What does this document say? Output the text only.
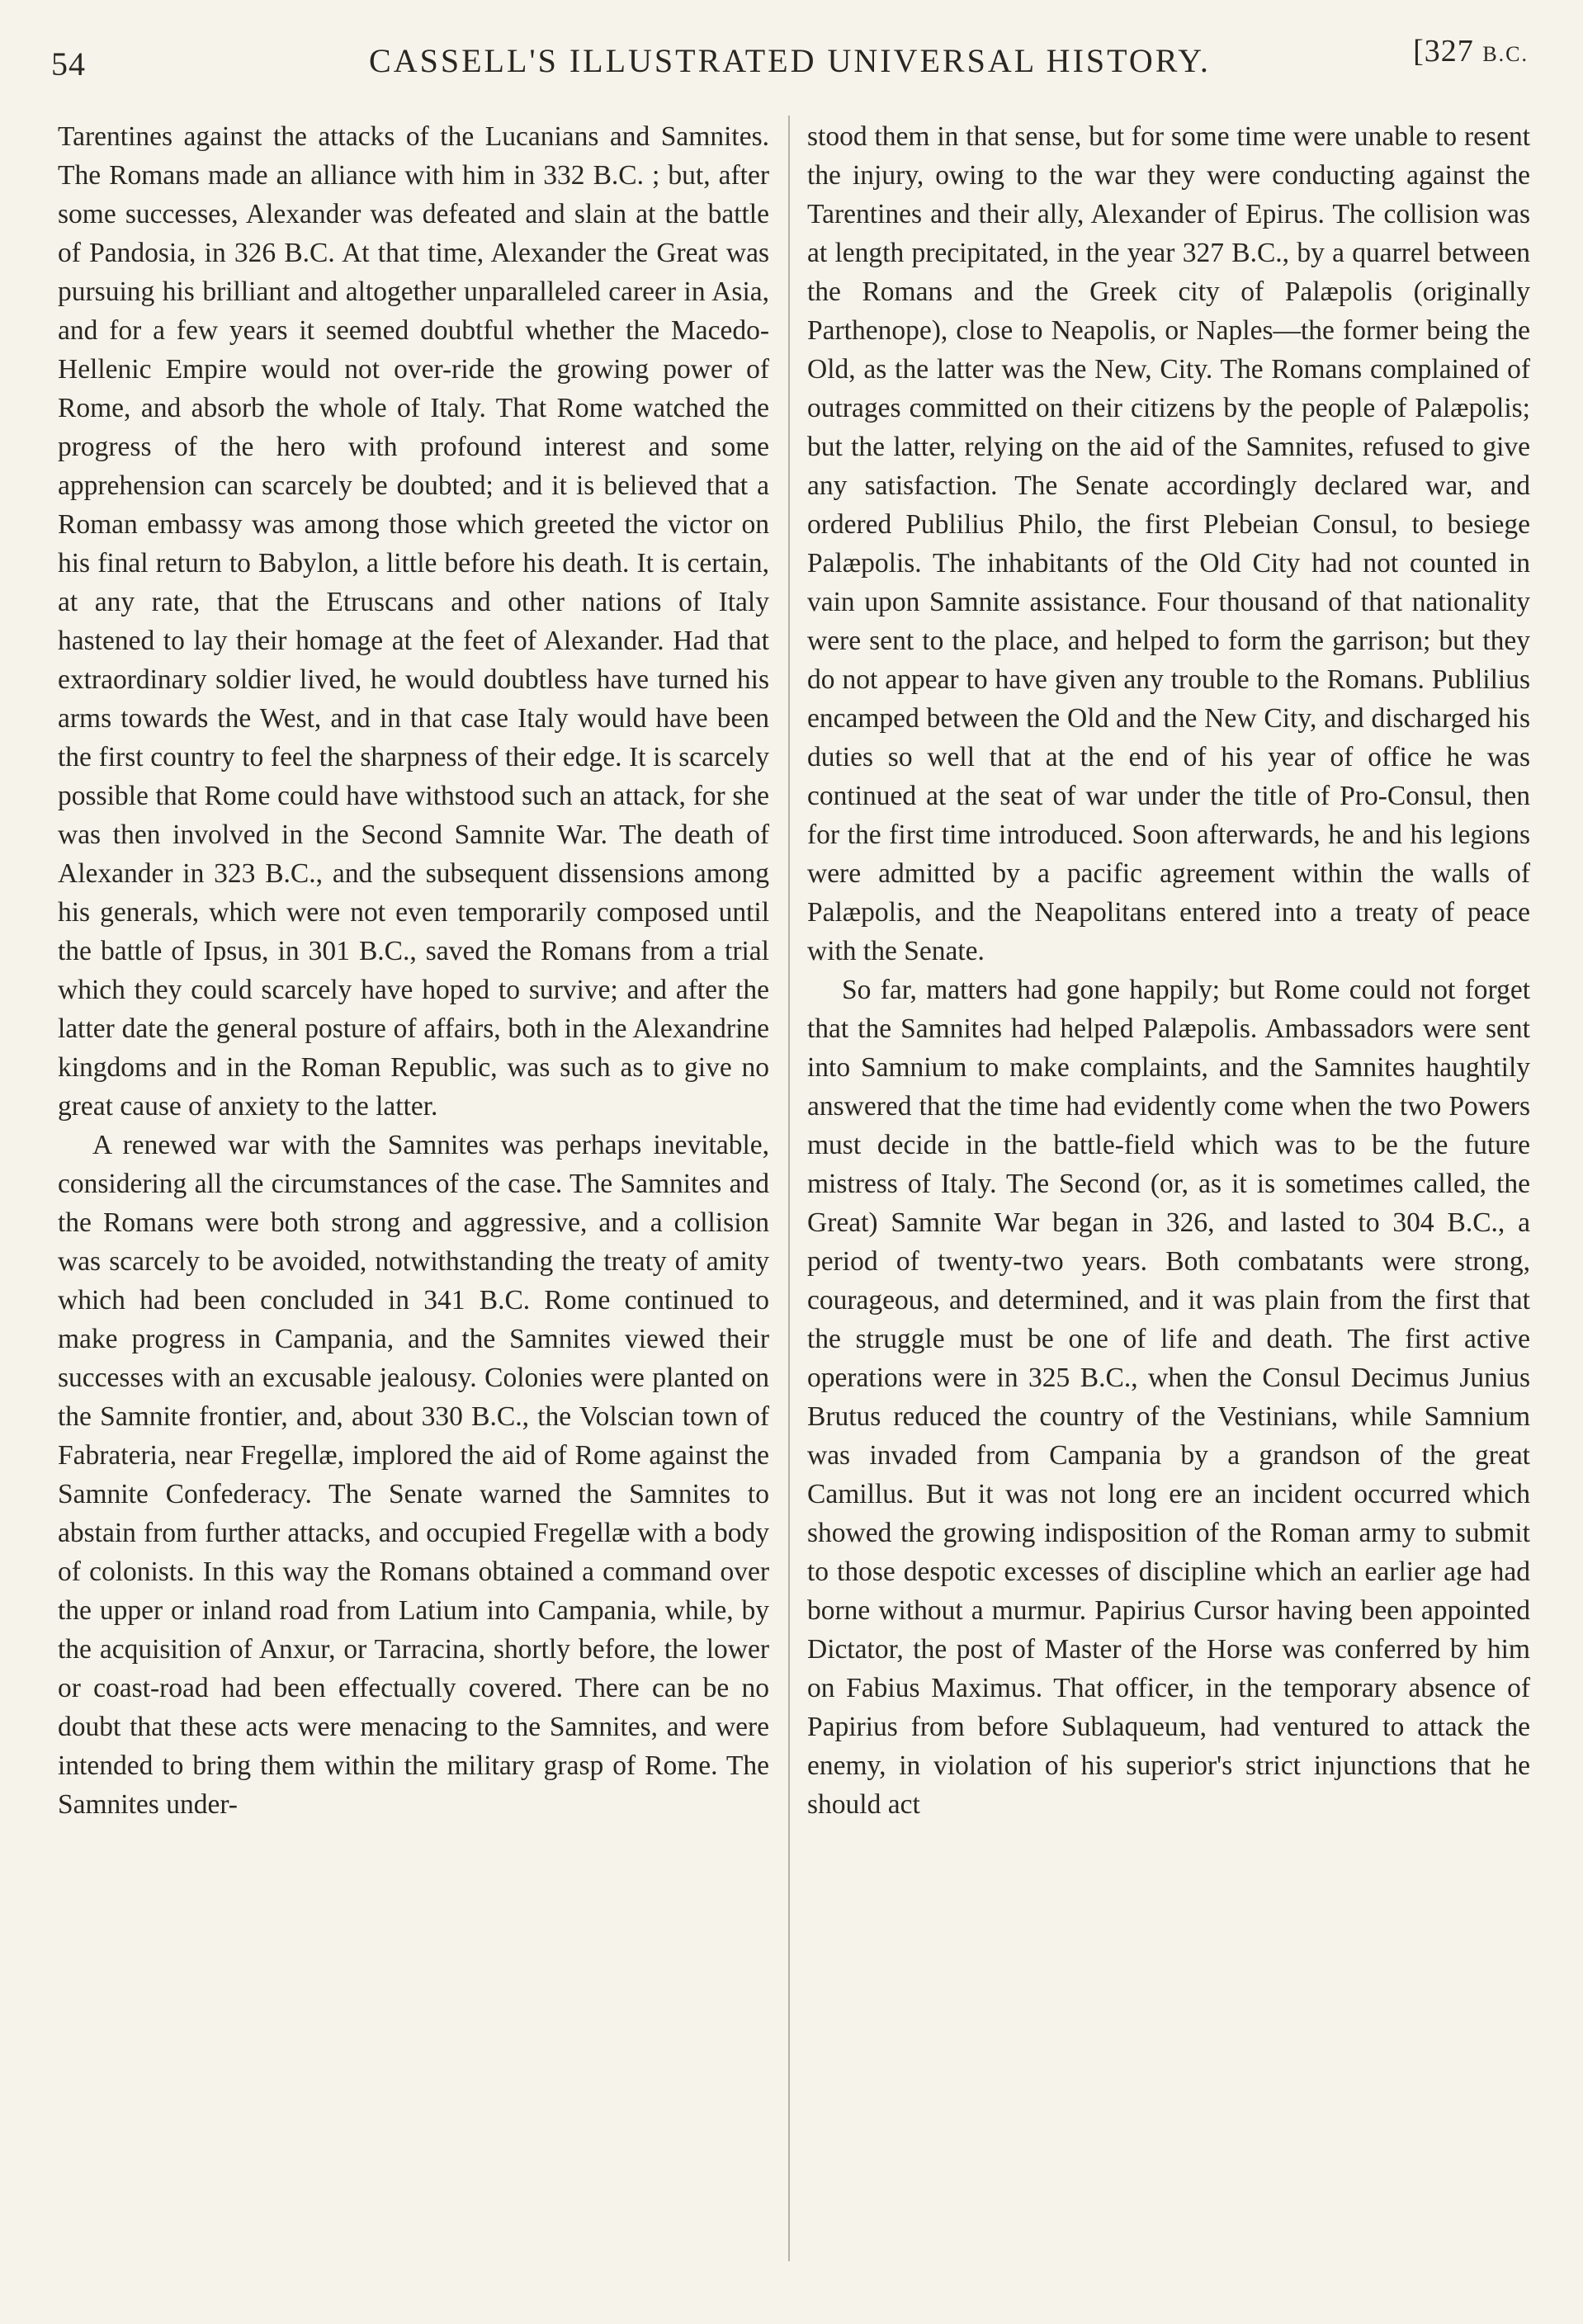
54	CASSELL'S ILLUSTRATED UNIVERSAL HISTORY.	[327 B.C.

Tarentines against the attacks of the Lucanians and Samnites. The Romans made an alliance with him in 332 B.C. ; but, after some successes, Alexander was defeated and slain at the battle of Pandosia, in 326 B.C. At that time, Alexander the Great was pursuing his brilliant and altogether unparalleled career in Asia, and for a few years it seemed doubtful whether the Macedo-Hellenic Empire would not over-ride the growing power of Rome, and absorb the whole of Italy. That Rome watched the progress of the hero with profound interest and some apprehension can scarcely be doubted; and it is believed that a Roman embassy was among those which greeted the victor on his final return to Babylon, a little before his death. It is certain, at any rate, that the Etruscans and other nations of Italy hastened to lay their homage at the feet of Alexander. Had that extraordinary soldier lived, he would doubtless have turned his arms towards the West, and in that case Italy would have been the first country to feel the sharpness of their edge. It is scarcely possible that Rome could have withstood such an attack, for she was then involved in the Second Samnite War. The death of Alexander in 323 B.C., and the subsequent dissensions among his generals, which were not even temporarily composed until the battle of Ipsus, in 301 B.C., saved the Romans from a trial which they could scarcely have hoped to survive; and after the latter date the general posture of affairs, both in the Alexandrine kingdoms and in the Roman Republic, was such as to give no great cause of anxiety to the latter.

A renewed war with the Samnites was perhaps inevitable, considering all the circumstances of the case. The Samnites and the Romans were both strong and aggressive, and a collision was scarcely to be avoided, notwithstanding the treaty of amity which had been concluded in 341 B.C. Rome continued to make progress in Campania, and the Samnites viewed their successes with an excusable jealousy. Colonies were planted on the Samnite frontier, and, about 330 B.C., the Volscian town of Fabrateria, near Fregellæ, implored the aid of Rome against the Samnite Confederacy. The Senate warned the Samnites to abstain from further attacks, and occupied Fregellæ with a body of colonists. In this way the Romans obtained a command over the upper or inland road from Latium into Campania, while, by the acquisition of Anxur, or Tarracina, shortly before, the lower or coast-road had been effectually covered. There can be no doubt that these acts were menacing to the Samnites, and were intended to bring them within the military grasp of Rome. The Samnites under-

stood them in that sense, but for some time were unable to resent the injury, owing to the war they were conducting against the Tarentines and their ally, Alexander of Epirus. The collision was at length precipitated, in the year 327 B.C., by a quarrel between the Romans and the Greek city of Palæpolis (originally Parthenope), close to Neapolis, or Naples—the former being the Old, as the latter was the New, City. The Romans complained of outrages committed on their citizens by the people of Palæpolis; but the latter, relying on the aid of the Samnites, refused to give any satisfaction. The Senate accordingly declared war, and ordered Publilius Philo, the first Plebeian Consul, to besiege Palæpolis. The inhabitants of the Old City had not counted in vain upon Samnite assistance. Four thousand of that nationality were sent to the place, and helped to form the garrison; but they do not appear to have given any trouble to the Romans. Publilius encamped between the Old and the New City, and discharged his duties so well that at the end of his year of office he was continued at the seat of war under the title of Pro-Consul, then for the first time introduced. Soon afterwards, he and his legions were admitted by a pacific agreement within the walls of Palæpolis, and the Neapolitans entered into a treaty of peace with the Senate.

So far, matters had gone happily; but Rome could not forget that the Samnites had helped Palæpolis. Ambassadors were sent into Samnium to make complaints, and the Samnites haughtily answered that the time had evidently come when the two Powers must decide in the battle-field which was to be the future mistress of Italy. The Second (or, as it is sometimes called, the Great) Samnite War began in 326, and lasted to 304 B.C., a period of twenty-two years. Both combatants were strong, courageous, and determined, and it was plain from the first that the struggle must be one of life and death. The first active operations were in 325 B.C., when the Consul Decimus Junius Brutus reduced the country of the Vestinians, while Samnium was invaded from Campania by a grandson of the great Camillus. But it was not long ere an incident occurred which showed the growing indisposition of the Roman army to submit to those despotic excesses of discipline which an earlier age had borne without a murmur. Papirius Cursor having been appointed Dictator, the post of Master of the Horse was conferred by him on Fabius Maximus. That officer, in the temporary absence of Papirius from before Sublaqueum, had ventured to attack the enemy, in violation of his superior's strict injunctions that he should act
